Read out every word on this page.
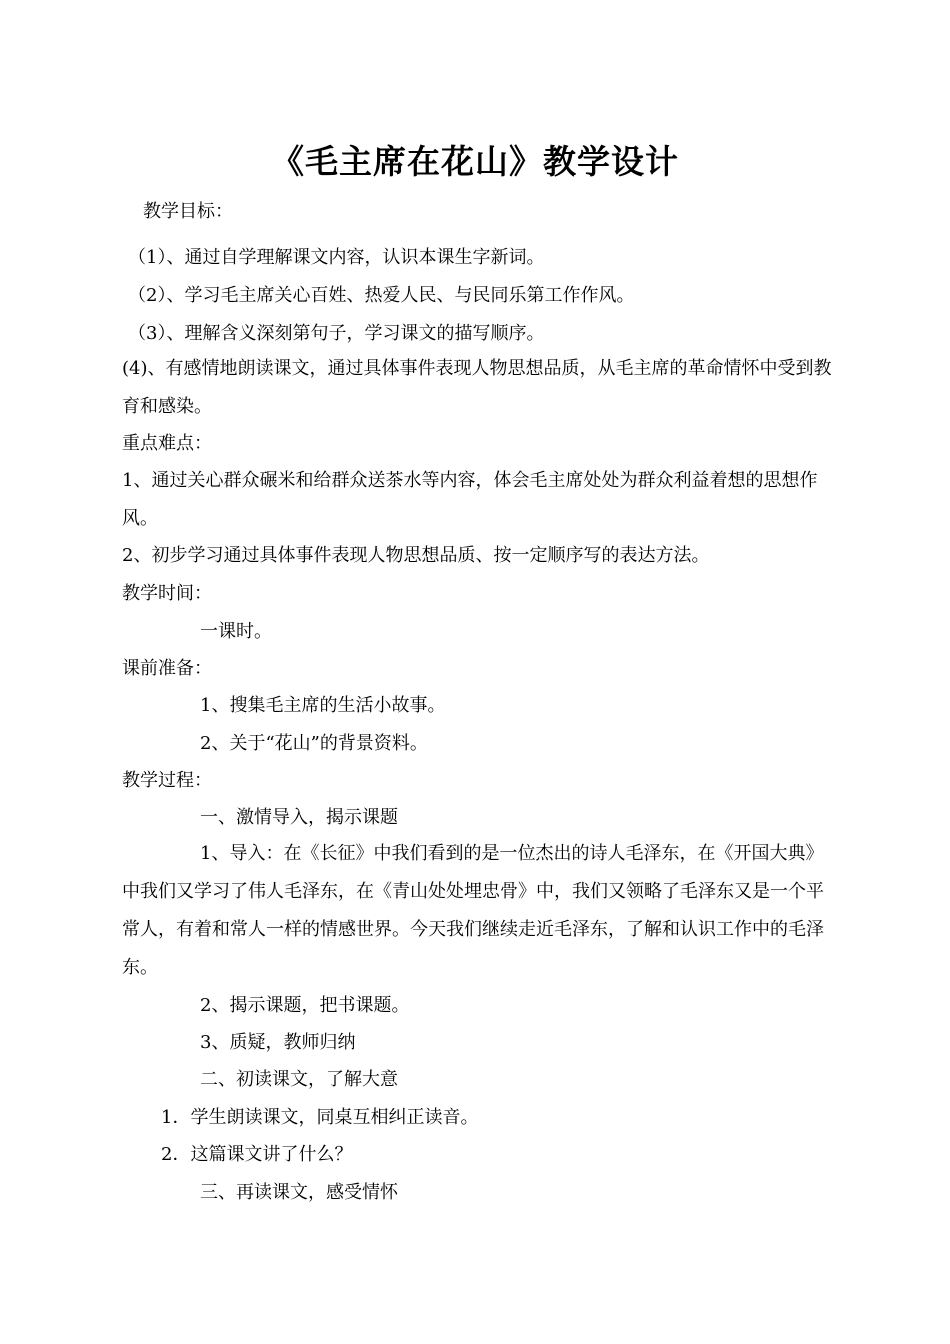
《毛主席在花山》教学设计
教学目标：
（1）、通过自学理解课文内容，认识本课生字新词。
（2）、学习毛主席关心百姓、热爱人民、与民同乐第工作作风。
（3）、理解含义深刻第句子，学习课文的描写顺序。
(4)、有感情地朗读课文，通过具体事件表现人物思想品质，从毛主席的革命情怀中受到教育和感染。
重点难点：
1、通过关心群众碾米和给群众送茶水等内容，体会毛主席处处为群众利益着想的思想作风。
2、初步学习通过具体事件表现人物思想品质、按一定顺序写的表达方法。
教学时间：
一课时。
课前准备：
1、搜集毛主席的生活小故事。
2、关于“花山”的背景资料。
教学过程：
一、激情导入，揭示课题
1、导入：在《长征》中我们看到的是一位杰出的诗人毛泽东，在《开国大典》中我们又学习了伟人毛泽东，在《青山处处埋忠骨》中，我们又领略了毛泽东又是一个平常人，有着和常人一样的情感世界。今天我们继续走近毛泽东，了解和认识工作中的毛泽东。
2、揭示课题，把书课题。
3、质疑，教师归纳
二、初读课文，了解大意
1．学生朗读课文，同桌互相纠正读音。
2．这篇课文讲了什么？
三、再读课文，感受情怀
